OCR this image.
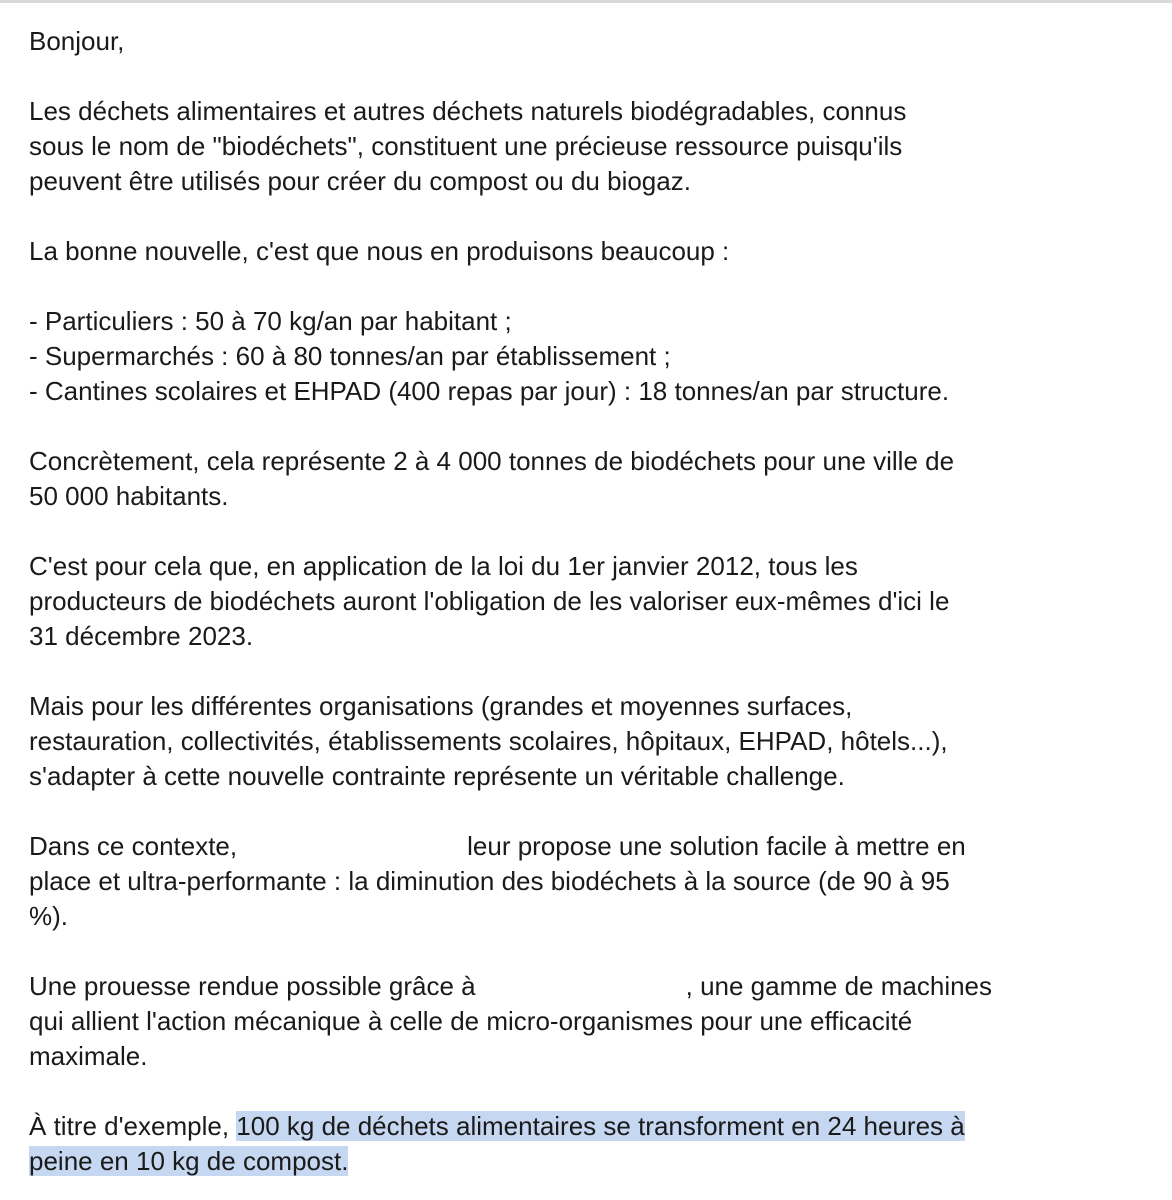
Bonjour,

Les déchets alimentaires et autres déchets naturels biodégradables, connus
sous le nom de "biodéchets", constituent une précieuse ressource puisqu'ils
peuvent être utilisés pour créer du compost ou du biogaz.

La bonne nouvelle, c'est que nous en produisons beaucoup :

- Particuliers : 50 à 70 kg/an par habitant ;
- Supermarchés : 60 à 80 tonnes/an par établissement ;
- Cantines scolaires et EHPAD (400 repas par jour) : 18 tonnes/an par structure.

Concrètement, cela représente 2 à 4 000 tonnes de biodéchets pour une ville de
50 000 habitants.

C'est pour cela que, en application de la loi du 1er janvier 2012, tous les
producteurs de biodéchets auront l'obligation de les valoriser eux-mêmes d'ici le
31 décembre 2023.

Mais pour les différentes organisations (grandes et moyennes surfaces,
restauration, collectivités, établissements scolaires, hôpitaux, EHPAD, hôtels...),
s'adapter à cette nouvelle contrainte représente un véritable challenge.

Dans ce contexte,	leur propose une solution facile à mettre en
place et ultra-performante : la diminution des biodéchets à la source (de 90 à 95
%).

Une prouesse rendue possible grâce à	, une gamme de machines
qui allient l'action mécanique à celle de micro-organismes pour une efficacité
maximale.

À titre d'exemple, 100 kg de déchets alimentaires se transforment en 24 heures à
peine en 10 kg de compost.
